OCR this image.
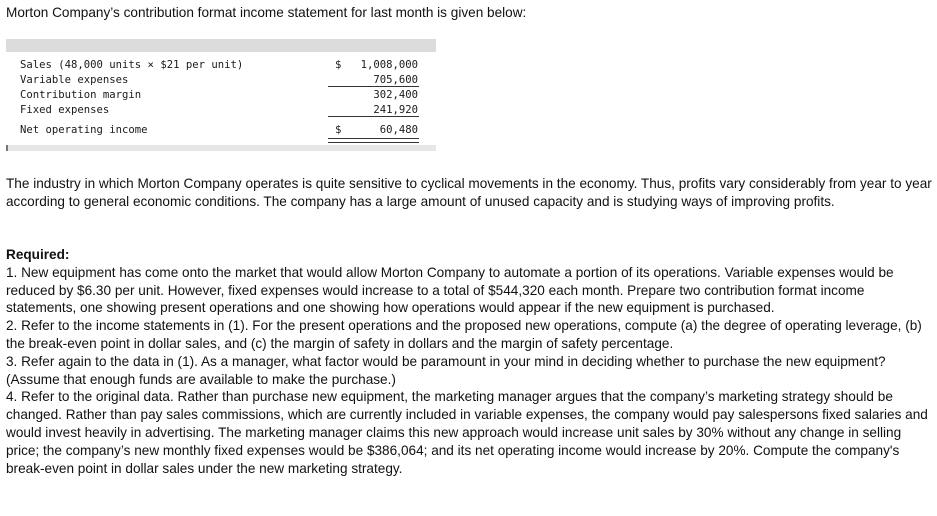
Morton Company’s contribution format income statement for last month is given below:

Sales (48,000 units × $21 per unit)	$ 1,008,000
Variable expenses	705,600
Contribution margin	302,400
Fixed expenses	241,920
Net operating income	$	60,480

The industry in which Morton Company operates is quite sensitive to cyclical movements in the economy. Thus, profits vary considerably from year to year according to general economic conditions. The company has a large amount of unused capacity and is studying ways of improving profits.

Required:
1. New equipment has come onto the market that would allow Morton Company to automate a portion of its operations. Variable expenses would be reduced by $6.30 per unit. However, fixed expenses would increase to a total of $544,320 each month. Prepare two contribution format income statements, one showing present operations and one showing how operations would appear if the new equipment is purchased.
2. Refer to the income statements in (1). For the present operations and the proposed new operations, compute (a) the degree of operating leverage, (b) the break-even point in dollar sales, and (c) the margin of safety in dollars and the margin of safety percentage.
3. Refer again to the data in (1). As a manager, what factor would be paramount in your mind in deciding whether to purchase the new equipment? (Assume that enough funds are available to make the purchase.)
4. Refer to the original data. Rather than purchase new equipment, the marketing manager argues that the company’s marketing strategy should be changed. Rather than pay sales commissions, which are currently included in variable expenses, the company would pay salespersons fixed salaries and would invest heavily in advertising. The marketing manager claims this new approach would increase unit sales by 30% without any change in selling price; the company’s new monthly fixed expenses would be $386,064; and its net operating income would increase by 20%. Compute the company's break-even point in dollar sales under the new marketing strategy.
